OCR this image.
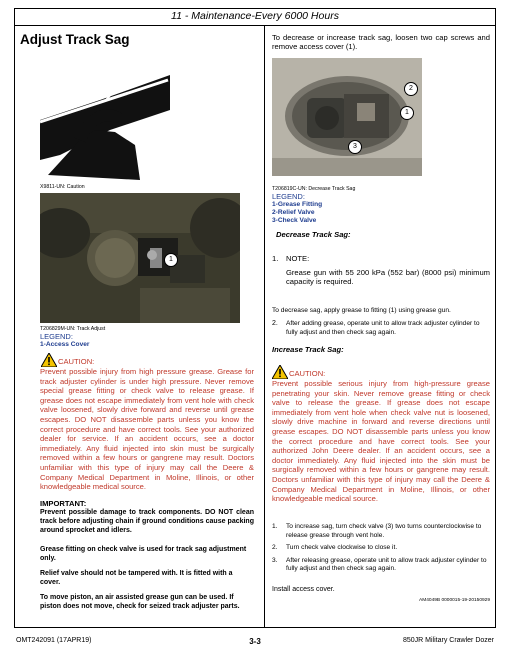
11 - Maintenance-Every 6000 Hours
Adjust Track Sag
X9811-UN: Caution
1
T206829M-UN: Track Adjust
LEGEND:
1-Access Cover
CAUTION:
Prevent possible injury from high pressure grease. Grease for track adjuster cylinder is under high pressure. Never remove special grease fitting or check valve to release grease. If grease does not escape immediately from vent hole with check valve loosened, slowly drive forward and reverse until grease escapes. DO NOT disassemble parts unless you know the correct procedure and have correct tools. See your authorized dealer for service. If an accident occurs, see a doctor immediately. Any fluid injected into skin must be surgically removed within a few hours or gangrene may result. Doctors unfamiliar with this type of injury may call the Deere & Company Medical Department in Moline, Illinois, or other knowledgeable medical source.
IMPORTANT:
Prevent possible damage to track components. DO NOT clean track before adjusting chain if ground conditions cause packing around sprocket and idlers.
Grease fitting on check valve is used for track sag adjustment only.
Relief valve should not be tampered with. It is fitted with a cover.
To move piston, an air assisted grease gun can be used. If piston does not move, check for seized track adjuster parts.
To decrease or increase track sag, loosen two cap screws and remove access cover (1).
2
1
3
T206819C-UN: Decrease Track Sag
LEGEND:
1-Grease Fitting
2-Relief Valve
3-Check Valve
Decrease Track Sag:
1. NOTE:
Grease gun with 55 200 kPa (552 bar) (8000 psi) minimum capacity is required.
To decrease sag, apply grease to fitting (1) using grease gun.
2. After adding grease, operate unit to allow track adjuster cylinder to fully adjust and then check sag again.
Increase Track Sag:
CAUTION:
Prevent possible serious injury from high-pressure grease penetrating your skin. Never remove grease fitting or check valve to release the grease. If grease does not escape immediately from vent hole when check valve nut is loosened, slowly drive machine in forward and reverse directions until grease escapes. DO NOT disassemble parts unless you know the correct procedure and have correct tools. See your authorized John Deere dealer. If an accident occurs, see a doctor immediately. Any fluid injected into the skin must be surgically removed within a few hours or gangrene may result. Doctors unfamiliar with this type of injury may call the Deere & Company Medical Department in Moline, Illinois, or other knowledgeable medical source.
1. To increase sag, turn check valve (3) two turns counterclockwise to release grease through vent hole.
2. Turn check valve clockwise to close it.
3. After releasing grease, operate unit to allow track adjuster cylinder to fully adjust and then check sag again.
Install access cover.
AM4049B 0000015-19-20150929
OMT242091 (17APR19)	3-3	850JR Military Crawler Dozer
